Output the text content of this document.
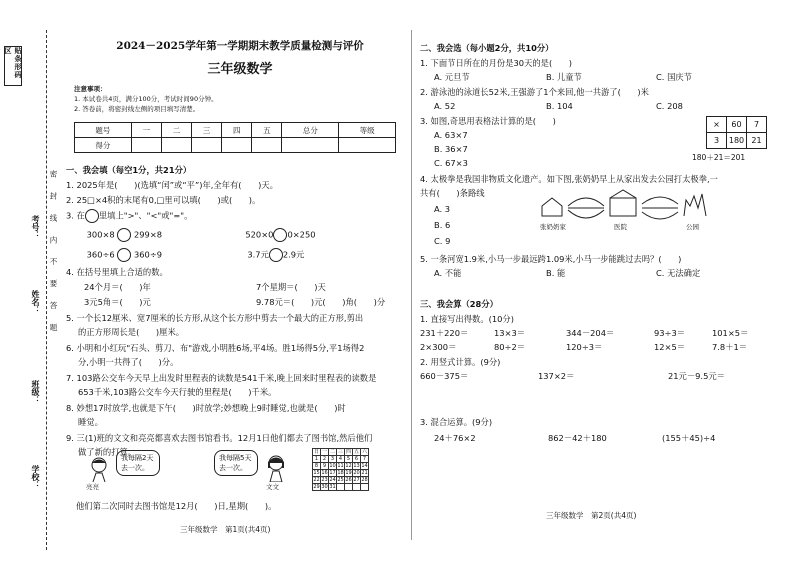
贴条形码区
密 封 线 内 不 要 答 题
考号：
姓名：
班级：
学校：
2024－2025学年第一学期期末教学质量检测与评价
三年级数学
注意事项：
1. 本试卷共4页，满分100分，考试时间90分钟。
2. 答卷前，将密封线左侧的项目填写清楚。
题号	一	二	三	四	五	总分	等级
得分							
一、我会填（每空1分，共21分）
1. 2025年是(　　)(选填“闰”或“平”)年,全年有(　　)天。
2. 25□×4积的末尾有0,□里可以填(　　)或(　　)。
3. 在 里填上">"、"<"或"="。
300×8 299×8	520×0 0×250
360÷6 360÷9	3.7元 2.9元
4. 在括号里填上合适的数。
24个月＝(　　)年	7个星期＝(　　)天
3元5角＝(　　)元	9.78元＝(　　)元(　　)角(　　)分
5. 一个长12厘米、宽7厘米的长方形,从这个长方形中剪去一个最大的正方形,剪出
的正方形周长是(　　)厘米。
6. 小明和小红玩"石头、剪刀、布"游戏,小明胜6场,平4场。胜1场得5分,平1场得2
分,小明一共得了(　　)分。
7. 103路公交车今天早上出发时里程表的读数是541千米,晚上回来时里程表的读数是
653千米,103路公交车今天行驶的里程是(　　)千米。
8. 妙想17时放学,也就是下午(　　)时放学;妙想晚上9时睡觉,也就是(　　)时
睡觉。
9. 三(1)班的文文和亮亮都喜欢去图书馆看书。12月1日他们都去了图书馆,然后他们
做了新的打算。
亮亮
我每隔2天去一次。
我每隔5天去一次。
文文
日	一	二	三	四	五	六
1	2	3	4	5	6	7
8	9	10	11	12	13	14
15	16	17	18	19	20	21
22	23	24	25	26	27	28
29	30	31				
他们第二次同时去图书馆是12月(　　)日,星期(　　)。
三年级数学　第1页(共4页)
二、我会选（每小题2分，共10分）
1. 下面节日所在的月份是30天的是(　　)
A. 元旦节	B. 儿童节	C. 国庆节
2. 游泳池的泳道长52米,王强游了1个来回,他一共游了(　　)米
A. 52	B. 104	C. 208
3. 如图,奇思用表格法计算的是(　　)
A. 63×7
B. 36×7
C. 67×3
4. 太极拳是我国非物质文化遗产。如下图,张奶奶早上从家出发去公园打太极拳,一
共有(　　)条路线
A. 3
B. 6
C. 9
5. 一条河宽1.9米,小马一步最远跨1.09米,小马一步能跳过去吗？(　　)
A. 不能	B. 能	C. 无法确定
×	60	7
3	180	21
180＋21＝201
张奶奶家	医院	公园
三、我会算（28分）
1. 直接写出得数。(10分)
231＋220＝	13×3＝	344－204＝	93÷3＝	101×5＝
2×300＝	80÷2＝	120÷3＝	12×5＝	7.8＋1＝
2. 用竖式计算。(9分)
660－375＝	137×2＝	21元－9.5元＝
3. 混合运算。(9分)
24＋76×2	862－42＋180	(155＋45)÷4
三年级数学　第2页(共4页)
